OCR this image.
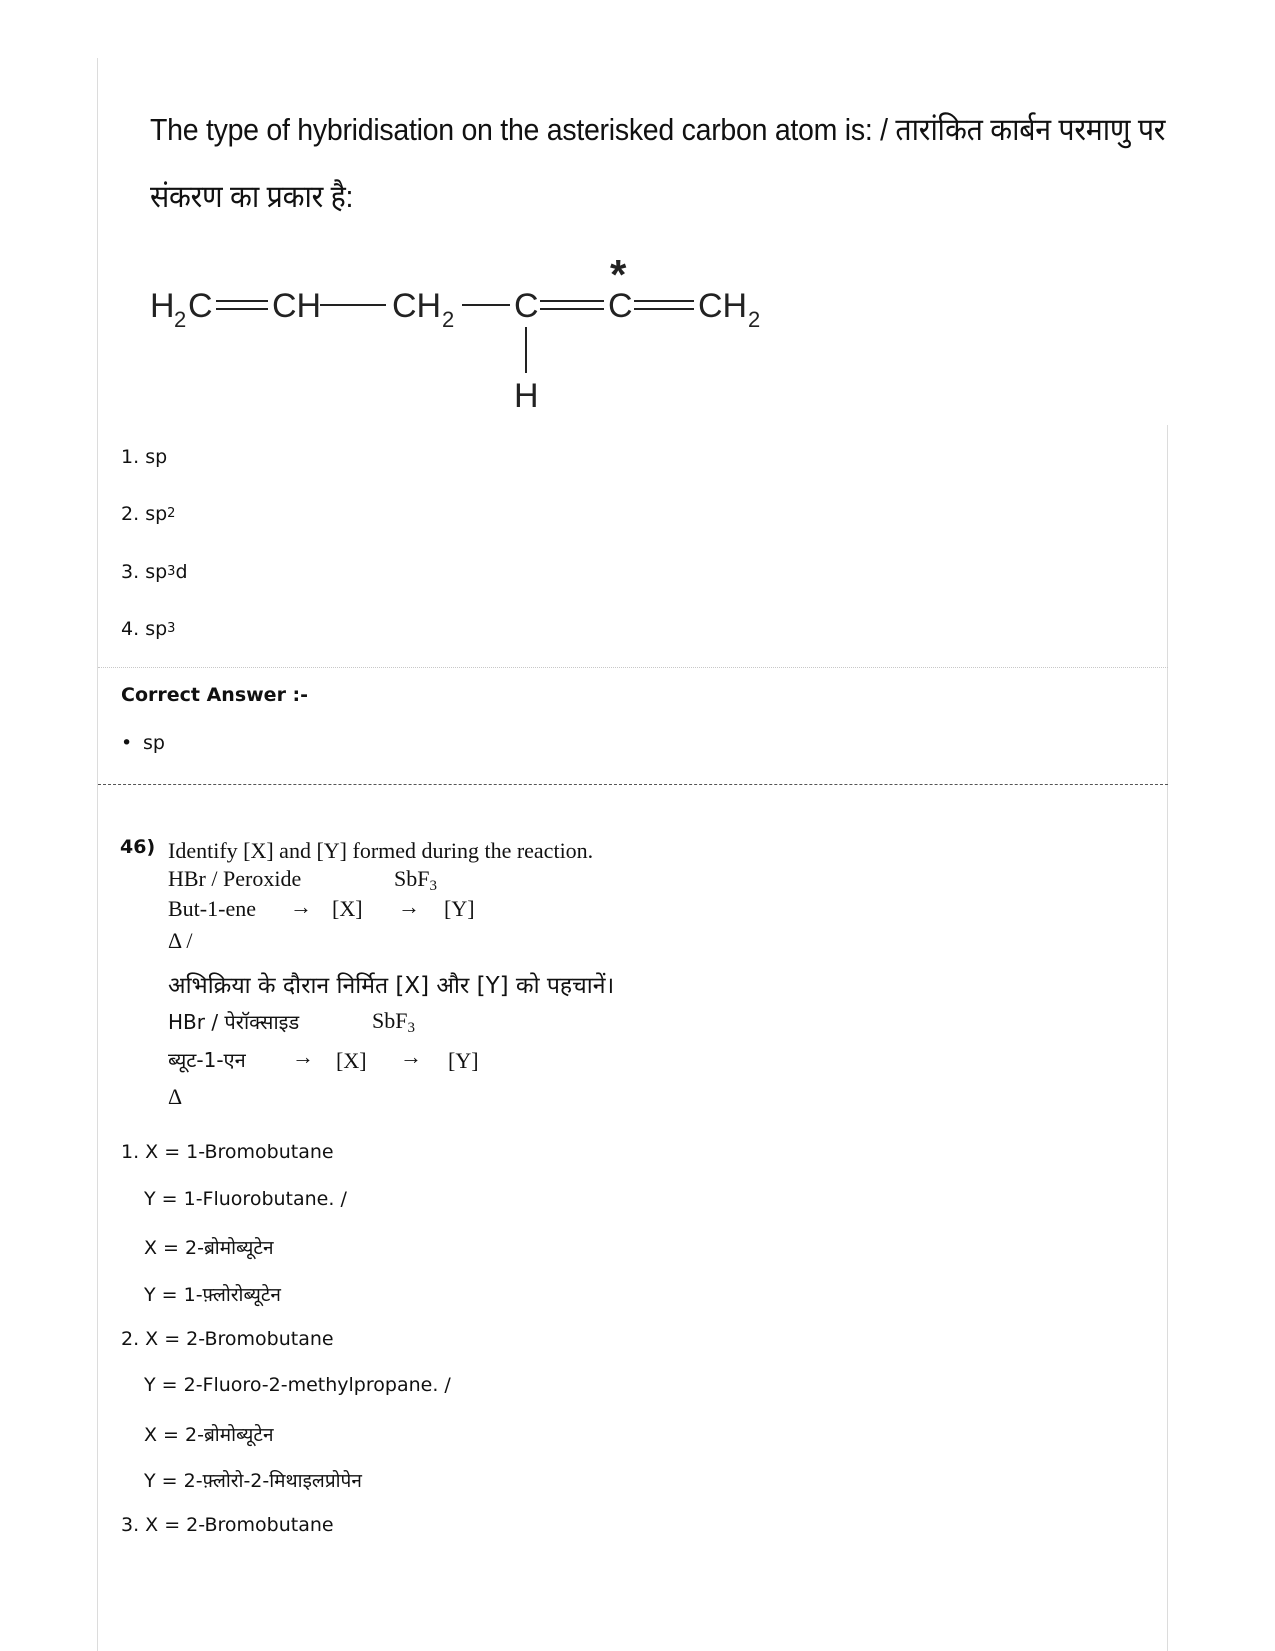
The type of hybridisation on the asterisked carbon atom is: / तारांकित कार्बन परमाणु पर
संकरण का प्रकार है:
H 2 C CH CH 2 C C CH 2
H
*
1. sp
2. $sp^2$
3. $sp^3d$
4. $sp^3$
Correct Answer :-
• sp
46) Identify [X] and [Y] formed during the reaction.
HBr / Peroxide	SbF3
But-1-ene → [X] → [Y]
Δ /
अभिक्रिया के दौरान निर्मित [X] और [Y] को पहचानें।
HBr / पेरॉक्साइड	SbF3
ब्यूट-1-एन → [X] → [Y]
Δ
1. X = 1-Bromobutane
Y = 1-Fluorobutane. /
X = 2-ब्रोमोब्यूटेन
Y = 1-फ़्लोरोब्यूटेन
2. X = 2-Bromobutane
Y = 2-Fluoro-2-methylpropane. /
X = 2-ब्रोमोब्यूटेन
Y = 2-फ़्लोरो-2-मिथाइलप्रोपेन
3. X = 2-Bromobutane
